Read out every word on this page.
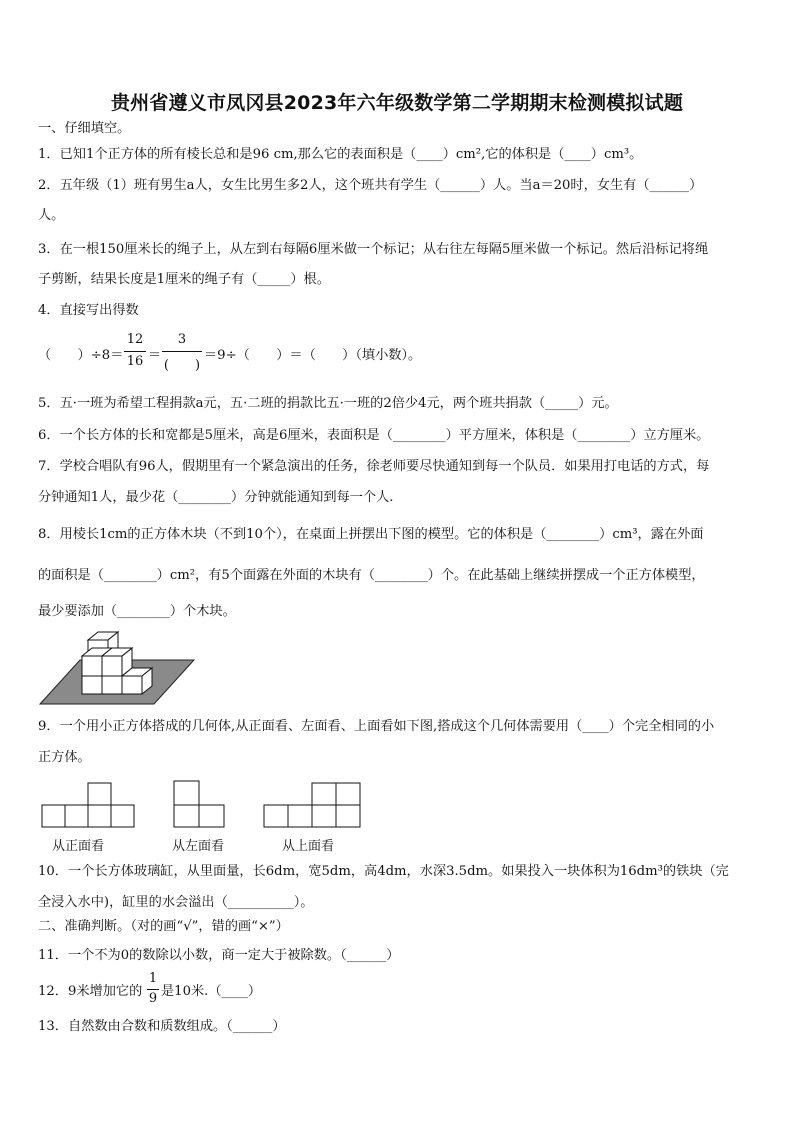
贵州省遵义市凤冈县2023年六年级数学第二学期期末检测模拟试题
一、仔细填空。
1．已知1个正方体的所有棱长总和是96 cm,那么它的表面积是（____）cm²,它的体积是（____）cm³。
2．五年级（1）班有男生a人，女生比男生多2人，这个班共有学生（______）人。当a＝20时，女生有（______）
人。
3．在一根150厘米长的绳子上，从左到右每隔6厘米做一个标记；从右往左每隔5厘米做一个标记。然后沿标记将绳
子剪断，结果长度是1厘米的绳子有（_____）根。
4．直接写出得数
（　　）÷8＝
12
16 ＝
3
(　　)
＝9÷（　　）＝（　　）（填小数）。
5．五·一班为希望工程捐款a元，五·二班的捐款比五·一班的2倍少4元，两个班共捐款（_____）元。
6．一个长方体的长和宽都是5厘米，高是6厘米，表面积是（________）平方厘米，体积是（________）立方厘米。
7．学校合唱队有96人，假期里有一个紧急演出的任务，徐老师要尽快通知到每一个队员．如果用打电话的方式，每
分钟通知1人，最少花（________）分钟就能通知到每一个人.
8．用棱长1cm的正方体木块（不到10个），在桌面上拼摆出下图的模型。它的体积是（________）cm³，露在外面
的面积是（________）cm²，有5个面露在外面的木块有（________）个。在此基础上继续拼摆成一个正方体模型，
最少要添加（________）个木块。
9．一个用小正方体搭成的几何体,从正面看、左面看、上面看如下图,搭成这个几何体需要用（____）个完全相同的小
正方体。
从正面看	从左面看	从上面看
10．一个长方体玻璃缸，从里面量，长6dm，宽5dm，高4dm，水深3.5dm。如果投入一块体积为16dm³的铁块（完
全浸入水中)，缸里的水会溢出（__________）。
二、准确判断。（对的画“√”，错的画“×”）
11．一个不为0的数除以小数，商一定大于被除数。（______）
12．9米增加它的
1
9 是10米.（____）
13．自然数由合数和质数组成。（______）
